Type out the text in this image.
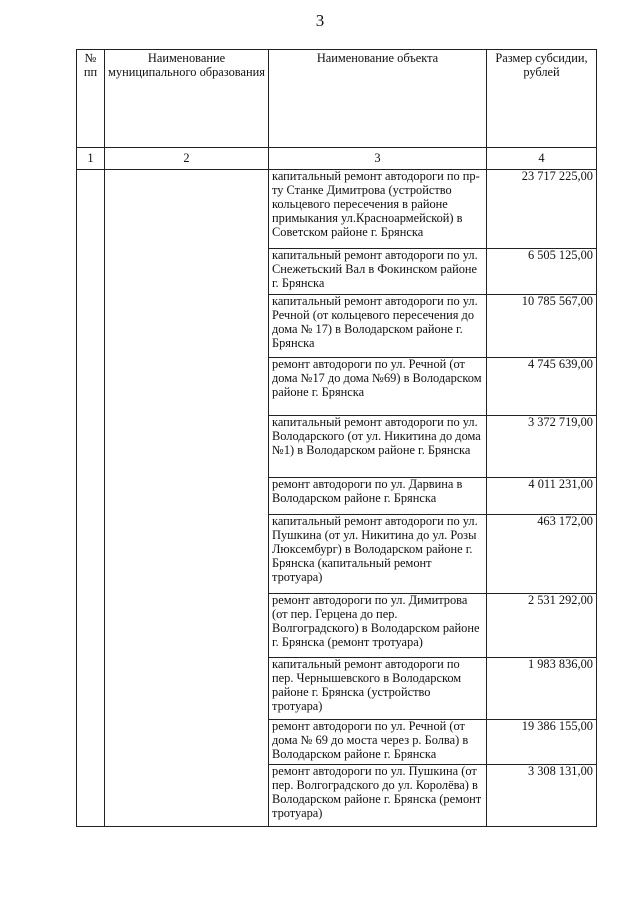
3
№ пп	Наименование муниципального образования	Наименование объекта	Размер субсидии, рублей
1	2	3	4
		капитальный ремонт автодороги по пр-ту Станке Димитрова (устройство кольцевого пересечения в районе примыкания ул.Красноармейской) в Советском районе г. Брянска	23 717 225,00
		капитальный ремонт автодороги по ул. Снежетьский Вал в Фокинском районе г. Брянска	6 505 125,00
		капитальный ремонт автодороги по ул. Речной (от кольцевого пересечения до дома № 17) в Володарском районе г. Брянска	10 785 567,00
		ремонт автодороги по ул. Речной (от дома №17 до дома №69) в Володарском районе г. Брянска	4 745 639,00
		капитальный ремонт автодороги по ул. Володарского (от ул. Никитина до дома №1) в Володарском районе г. Брянска	3 372 719,00
		ремонт автодороги по ул. Дарвина в Володарском районе г. Брянска	4 011 231,00
		капитальный ремонт автодороги по ул. Пушкина (от ул. Никитина до ул. Розы Люксембург) в Володарском районе г. Брянска (капитальный ремонт тротуара)	463 172,00
		ремонт автодороги по ул. Димитрова (от пер. Герцена до пер. Волгоградского) в Володарском районе г. Брянска (ремонт тротуара)	2 531 292,00
		капитальный ремонт автодороги по пер. Чернышевского в Володарском районе г. Брянска (устройство тротуара)	1 983 836,00
		ремонт автодороги по ул. Речной (от дома № 69 до моста через р. Болва) в Володарском районе г. Брянска	19 386 155,00
		ремонт автодороги по ул. Пушкина (от пер. Волгоградского до ул. Королёва) в Володарском районе г. Брянска (ремонт тротуара)	3 308 131,00
